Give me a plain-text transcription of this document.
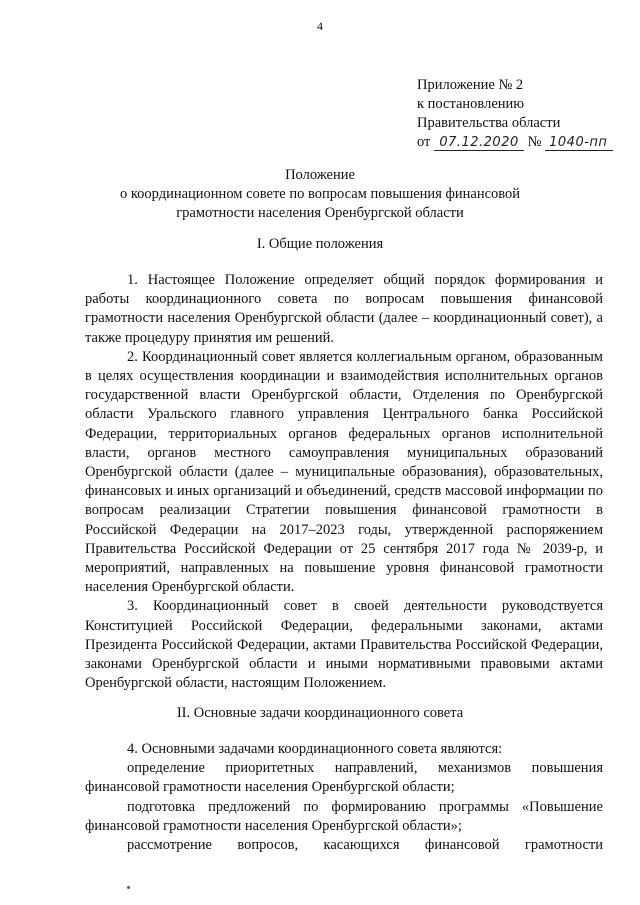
4
Приложение № 2
к постановлению
Правительства области
от 07.12.2020 № 1040-пп
Положение
о координационном совете по вопросам повышения финансовой
грамотности населения Оренбургской области
I. Общие положения

1. Настоящее Положение определяет общий порядок формирования и работы координационного совета по вопросам повышения финансовой грамотности населения Оренбургской области (далее – координационный совет), а также процедуру принятия им решений.

2. Координационный совет является коллегиальным органом, образованным в целях осуществления координации и взаимодействия исполнительных органов государственной власти Оренбургской области, Отделения по Оренбургской области Уральского главного управления Центрального банка Российской Федерации, территориальных органов федеральных органов исполнительной власти, органов местного самоуправления муниципальных образований Оренбургской области (далее – муниципальные образования), образовательных, финансовых и иных организаций и объединений, средств массовой информации по вопросам реализации Стратегии повышения финансовой грамотности в Российской Федерации на 2017–2023 годы, утвержденной распоряжением Правительства Российской Федерации от 25 сентября 2017 года № 2039-р, и мероприятий, направленных на повышение уровня финансовой грамотности населения Оренбургской области.

3. Координационный совет в своей деятельности руководствуется Конституцией Российской Федерации, федеральными законами, актами Президента Российской Федерации, актами Правительства Российской Федерации, законами Оренбургской области и иными нормативными правовыми актами Оренбургской области, настоящим Положением.

II. Основные задачи координационного совета

4. Основными задачами координационного совета являются:

определение приоритетных направлений, механизмов повышения финансовой грамотности населения Оренбургской области;

подготовка предложений по формированию программы «Повышение финансовой грамотности населения Оренбургской области»;

рассмотрение вопросов, касающихся финансовой грамотности
